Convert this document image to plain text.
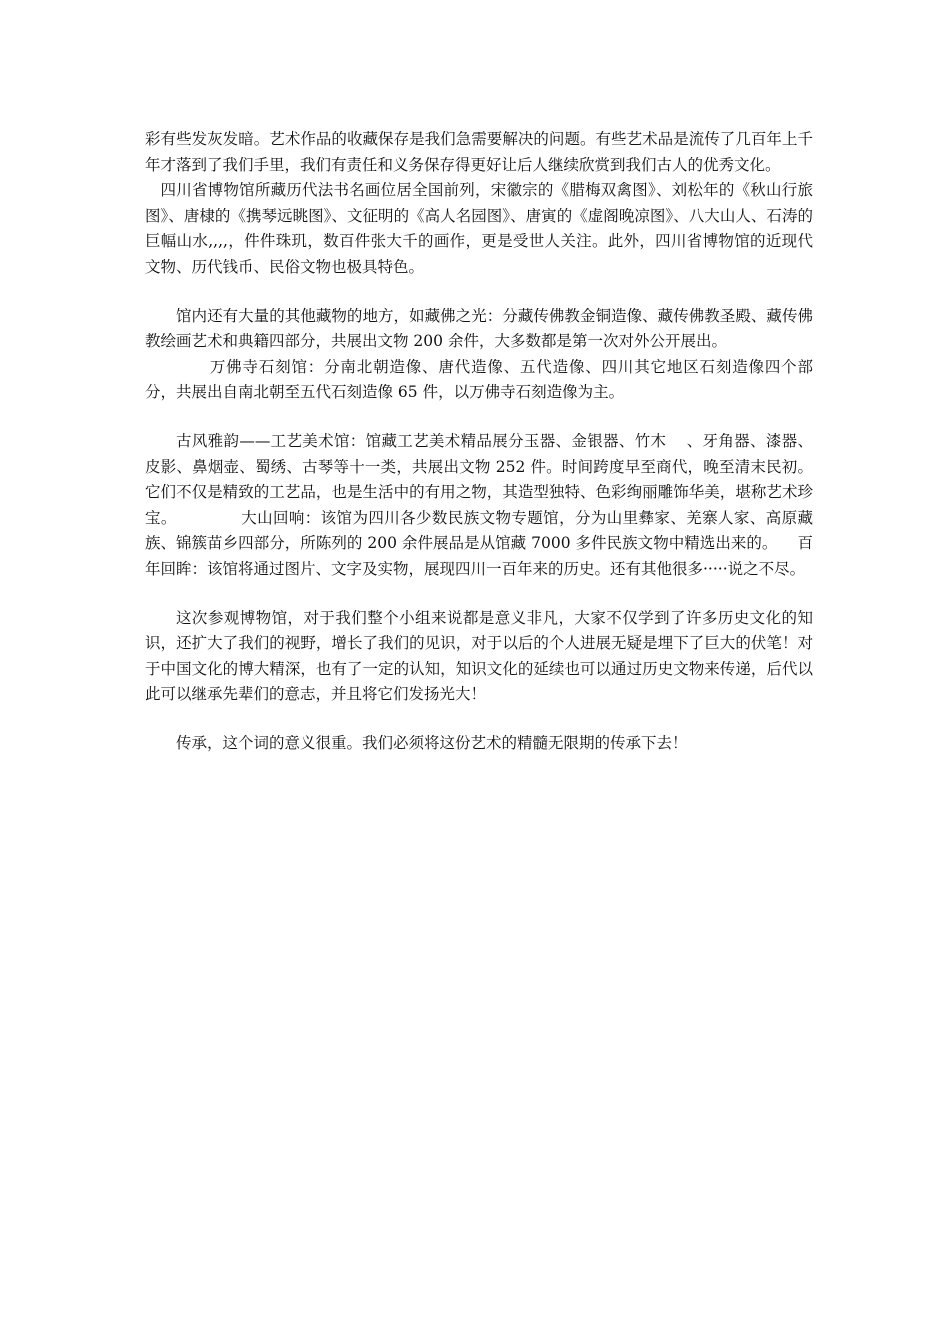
彩有些发灰发暗。艺术作品的收藏保存是我们急需要解决的问题。有些艺术品是流传了几百年上千年才落到了我们手里，我们有责任和义务保存得更好让后人继续欣赏到我们古人的优秀文化。

四川省博物馆所藏历代法书名画位居全国前列，宋徽宗的《腊梅双禽图》、刘松年的《秋山行旅图》、唐棣的《携琴远眺图》、文征明的《高人名园图》、唐寅的《虚阁晚凉图》、八大山人、石涛的巨幅山水,,,,，件件珠玑，数百件张大千的画作，更是受世人关注。此外，四川省博物馆的近现代文物、历代钱币、民俗文物也极具特色。

馆内还有大量的其他藏物的地方，如藏佛之光：分藏传佛教金铜造像、藏传佛教圣殿、藏传佛教绘画艺术和典籍四部分，共展出文物 200 余件，大多数都是第一次对外公开展出。

万佛寺石刻馆：分南北朝造像、唐代造像、五代造像、四川其它地区石刻造像四个部分，共展出自南北朝至五代石刻造像 65 件，以万佛寺石刻造像为主。

古风雅韵——工艺美术馆：馆藏工艺美术精品展分玉器、金银器、竹木 、牙角器、漆器、皮影、鼻烟壶、蜀绣、古琴等十一类，共展出文物 252 件。时间跨度早至商代，晚至清末民初。它们不仅是精致的工艺品，也是生活中的有用之物，其造型独特、色彩绚丽雕饰华美，堪称艺术珍宝。	大山回响：该馆为四川各少数民族文物专题馆，分为山里彝家、羌寨人家、高原藏族、锦簇苗乡四部分，所陈列的 200 余件展品是从馆藏 7000 多件民族文物中精选出来的。 百年回眸：该馆将通过图片、文字及实物，展现四川一百年来的历史。还有其他很多·····说之不尽。

这次参观博物馆，对于我们整个小组来说都是意义非凡，大家不仅学到了许多历史文化的知识，还扩大了我们的视野，增长了我们的见识，对于以后的个人进展无疑是埋下了巨大的伏笔！对于中国文化的博大精深，也有了一定的认知，知识文化的延续也可以通过历史文物来传递，后代以此可以继承先辈们的意志，并且将它们发扬光大！

传承，这个词的意义很重。我们必须将这份艺术的精髓无限期的传承下去！
